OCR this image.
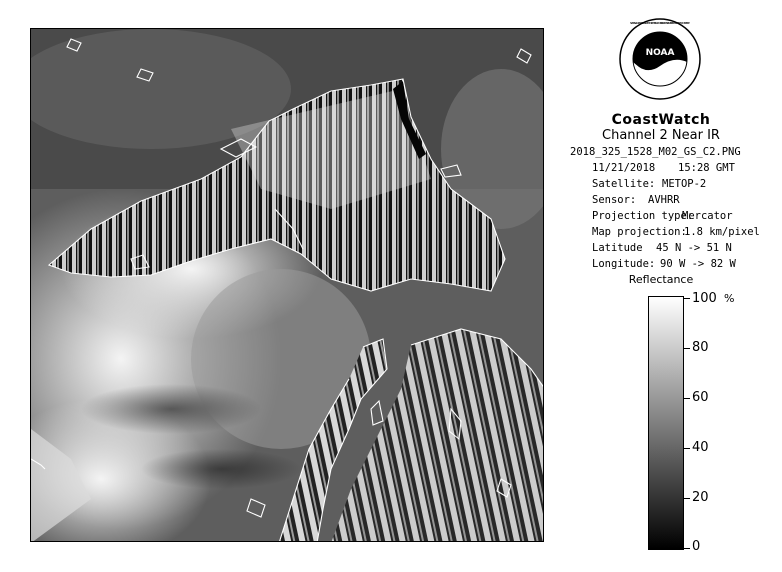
NOAA
NATIONAL OCEANIC AND ATMOSPHERIC ADMINISTRATION · U.S. DEPARTMENT OF COMMERCE
CoastWatch
Channel 2 Near IR
2018_325_1528_M02_GS_C2.PNG
11/21/2018 15:28 GMT
Satellite: METOP-2
Sensor: AVHRR
Projection type:
Mercator
Map projection:
1.8 km/pixel
Latitude 45 N -> 51 N
Longitude: 90 W -> 82 W
Reflectance
%
100
80
60
40
20
0
